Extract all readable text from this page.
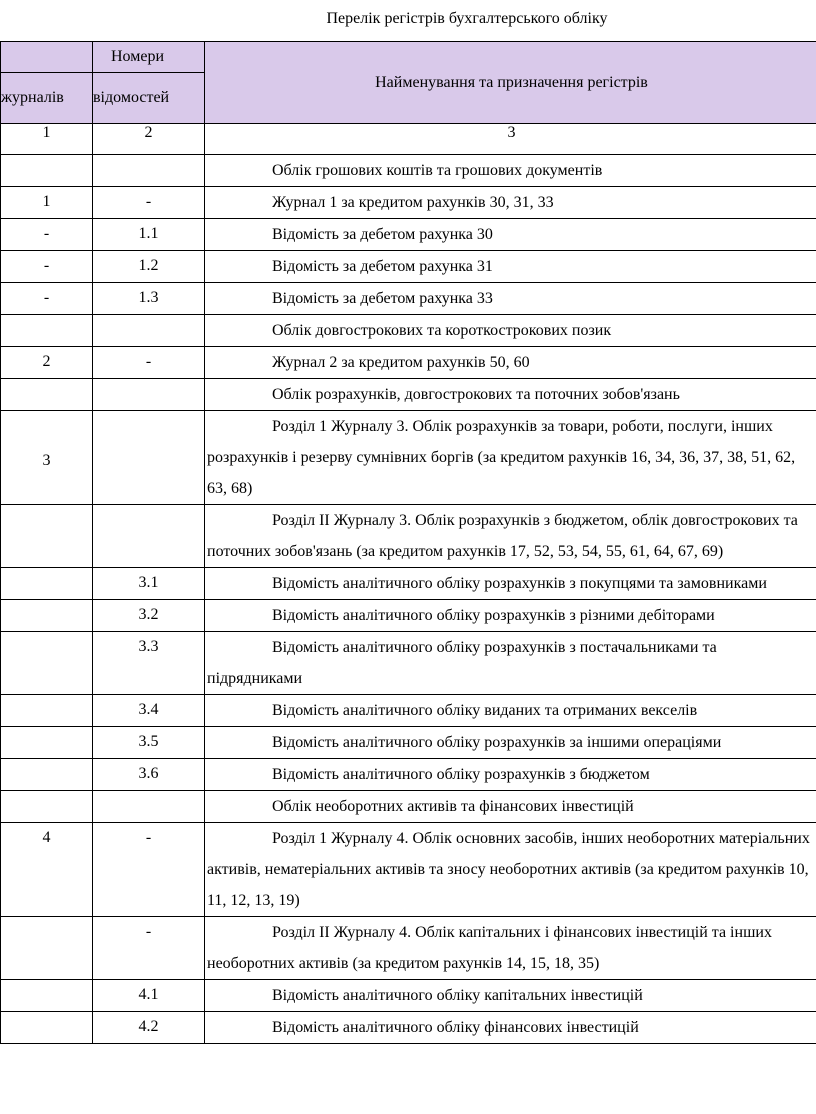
Перелік регістрів бухгалтерського обліку
	Номери	Найменування та призначення регістрів
журналів	відомостей	
1	2	3

		Облік грошових коштів та грошових документів

1	-	Журнал 1 за кредитом рахунків 30, 31, 33

-	1.1	Відомість за дебетом рахунка 30

-	1.2	Відомість за дебетом рахунка 31

-	1.3	Відомість за дебетом рахунка 33

		Облік довгострокових та короткострокових позик

2	-	Журнал 2 за кредитом рахунків 50, 60

		Облік розрахунків, довгострокових та поточних зобов'язань

3		Розділ 1 Журналу 3. Облік розрахунків за товари, роботи, послуги, інших розрахунків і резерву сумнівних боргів (за кредитом рахунків 16, 34, 36, 37, 38, 51, 62, 63, 68)

		Розділ II Журналу 3. Облік розрахунків з бюджетом, облік довгострокових та поточних зобов'язань (за кредитом рахунків 17, 52, 53, 54, 55, 61, 64, 67, 69)

	3.1	Відомість аналітичного обліку розрахунків з покупцями та замовниками

	3.2	Відомість аналітичного обліку розрахунків з різними дебіторами

	3.3	Відомість аналітичного обліку розрахунків з постачальниками та підрядниками

	3.4	Відомість аналітичного обліку виданих та отриманих векселів

	3.5	Відомість аналітичного обліку розрахунків за іншими операціями

	3.6	Відомість аналітичного обліку розрахунків з бюджетом

		Облік необоротних активів та фінансових інвестицій

4	-	Розділ 1 Журналу 4. Облік основних засобів, інших необоротних матеріальних активів, нематеріальних активів та зносу необоротних активів (за кредитом рахунків 10, 11, 12, 13, 19)

	-	Розділ II Журналу 4. Облік капітальних і фінансових інвестицій та інших необоротних активів (за кредитом рахунків 14, 15, 18, 35)

	4.1	Відомість аналітичного обліку капітальних інвестицій

	4.2	Відомість аналітичного обліку фінансових інвестицій
